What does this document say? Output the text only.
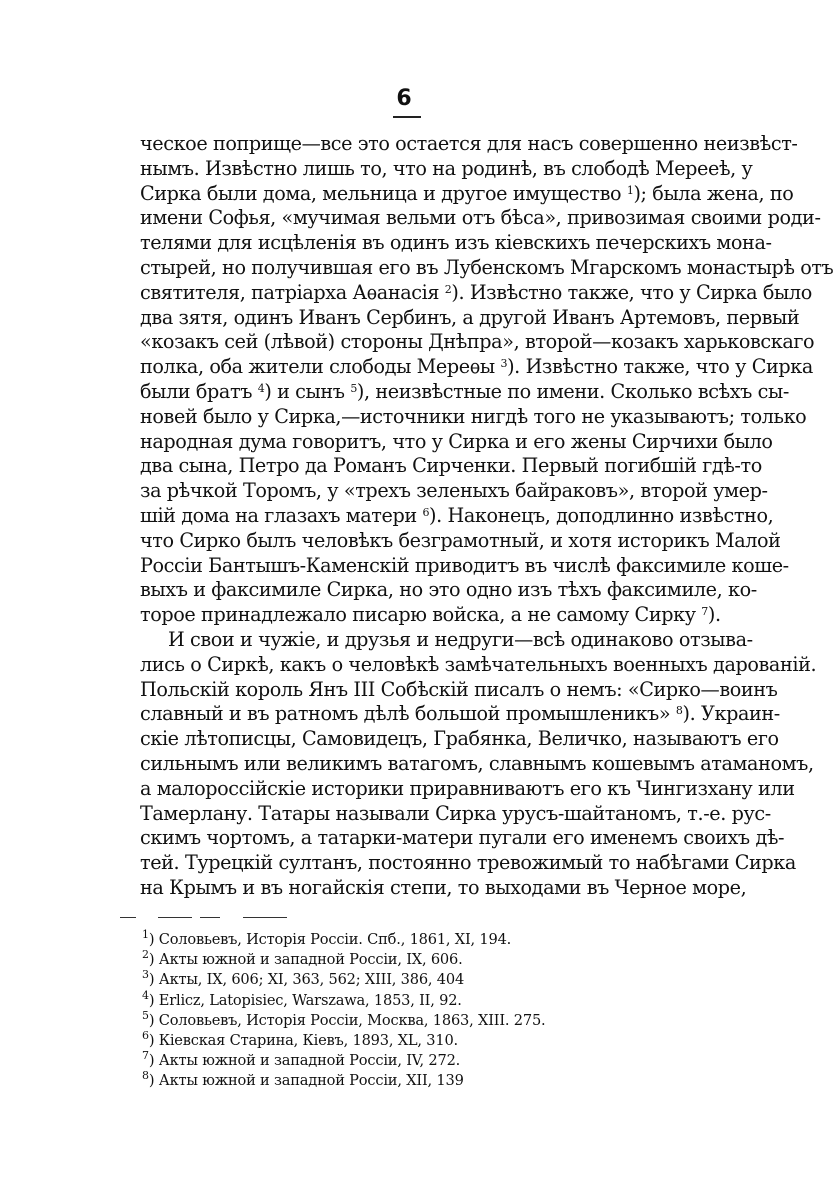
6
ческое поприще—все это остается для насъ совершенно неизвѣст-
нымъ. Извѣстно лишь то, что на родинѣ, въ слободѣ Мерееѣ, у
Сирка были дома, мельница и другое имущество $^1$); была жена, по
имени Софья, «мучимая вельми отъ бѣса», привозимая своими роди-
телями для исцѣленія въ одинъ изъ кіевскихъ печерскихъ мона-
стырей, но получившая его въ Лубенскомъ Мгарскомъ монастырѣ отъ
святителя, патріарха Аѳанасія $^2$). Извѣстно также, что у Сирка было
два зятя, одинъ Иванъ Сербинъ, а другой Иванъ Артемовъ, первый
«козакъ сей (лѣвой) стороны Днѣпра», второй—козакъ харьковскаго
полка, оба жители слободы Мереѳы $^3$). Извѣстно также, что у Сирка
были братъ $^4$) и сынъ $^5$), неизвѣстные по имени. Сколько всѣхъ сы-
новей было у Сирка,—источники нигдѣ того не указываютъ; только
народная дума говоритъ, что у Сирка и его жены Сирчихи было
два сына, Петро да Романъ Сирченки. Первый погибшій гдѣ-то
за рѣчкой Торомъ, у «трехъ зеленыхъ байраковъ», второй умер-
шій дома на глазахъ матери $^6$). Наконецъ, доподлинно извѣстно,
что Сирко былъ человѣкъ безграмотный, и хотя историкъ Малой
Россіи Бантышъ-Каменскій приводитъ въ числѣ факсимиле коше-
выхъ и факсимиле Сирка, но это одно изъ тѣхъ факсимиле, ко-
торое принадлежало писарю войска, а не самому Сирку $^7$).
И свои и чужіе, и друзья и недруги—всѣ одинаково отзыва-
лись о Сиркѣ, какъ о человѣкѣ замѣчательныхъ военныхъ дарованій.
Польскій король Янъ III Собѣскій писалъ о немъ: «Сирко—воинъ
славный и въ ратномъ дѣлѣ большой промышленикъ» $^8$). Украин-
скіе лѣтописцы, Самовидецъ, Грабянка, Величко, называютъ его
сильнымъ или великимъ ватагомъ, славнымъ кошевымъ атаманомъ,
а малороссійскіе историки приравниваютъ его къ Чингизхану или
Тамерлану. Татары называли Сирка урусъ-шайтаномъ, т.-е. рус-
скимъ чортомъ, а татарки-матери пугали его именемъ своихъ дѣ-
тей. Турецкій султанъ, постоянно тревожимый то набѣгами Сирка
на Крымъ и въ ногайскія степи, то выходами въ Черное море,
$^1$) Соловьевъ, Исторія Россіи. Спб., 1861, XI, 194.
$^2$) Акты южной и западной Россіи, IX, 606.
$^3$) Акты, IX, 606; XI, 363, 562; XIII, 386, 404
$^4$) Erlicz, Latopisiec, Warszawa, 1853, II, 92.
$^5$) Соловьевъ, Исторія Россіи, Москва, 1863, XIII. 275.
$^6$) Кіевская Старина, Кіевъ, 1893, XL, 310.
$^7$) Акты южной и западной Россіи, IV, 272.
$^8$) Акты южной и западной Россіи, XII, 139
